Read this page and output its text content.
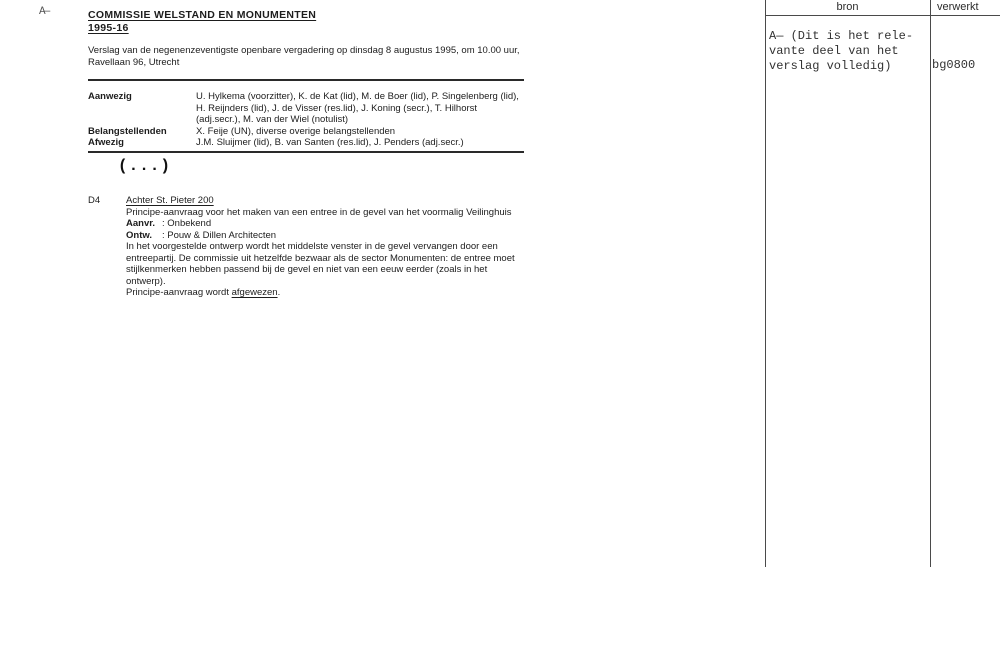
A—	COMMISSIE WELSTAND EN MONUMENTEN
1995-16

Verslag van de negenenzeventigste openbare vergadering op dinsdag 8 augustus 1995, om 10.00 uur, Ravellaan 96, Utrecht

Aanwezig	U. Hylkema (voorzitter), K. de Kat (lid), M. de Boer (lid), P. Singelenberg (lid), H. Reijnders (lid), J. de Visser (res.lid), J. Koning (secr.), T. Hilhorst (adj.secr.), M. van der Wiel (notulist)
Belangstellenden	X. Feije (UN), diverse overige belangstellenden
Afwezig	J.M. Sluijmer (lid), B. van Santen (res.lid), J. Penders (adj.secr.)
(...)
D4	Achter St. Pieter 200
Principe-aanvraag voor het maken van een entree in de gevel van het voormalig Veilinghuis
Aanvr. : Onbekend
Ontw.	: Pouw & Dillen Architecten
In het voorgestelde ontwerp wordt het middelste venster in de gevel vervangen door een entreepartij. De commissie uit hetzelfde bezwaar als de sector Monumenten: de entree moet stijlkenmerken hebben passend bij de gevel en niet van een eeuw eerder (zoals in het ontwerp).
Principe-aanvraag wordt afgewezen.
bron	verwerkt
A— (Dit is het rele-
vante deel van het
verslag volledig)	bg0800
